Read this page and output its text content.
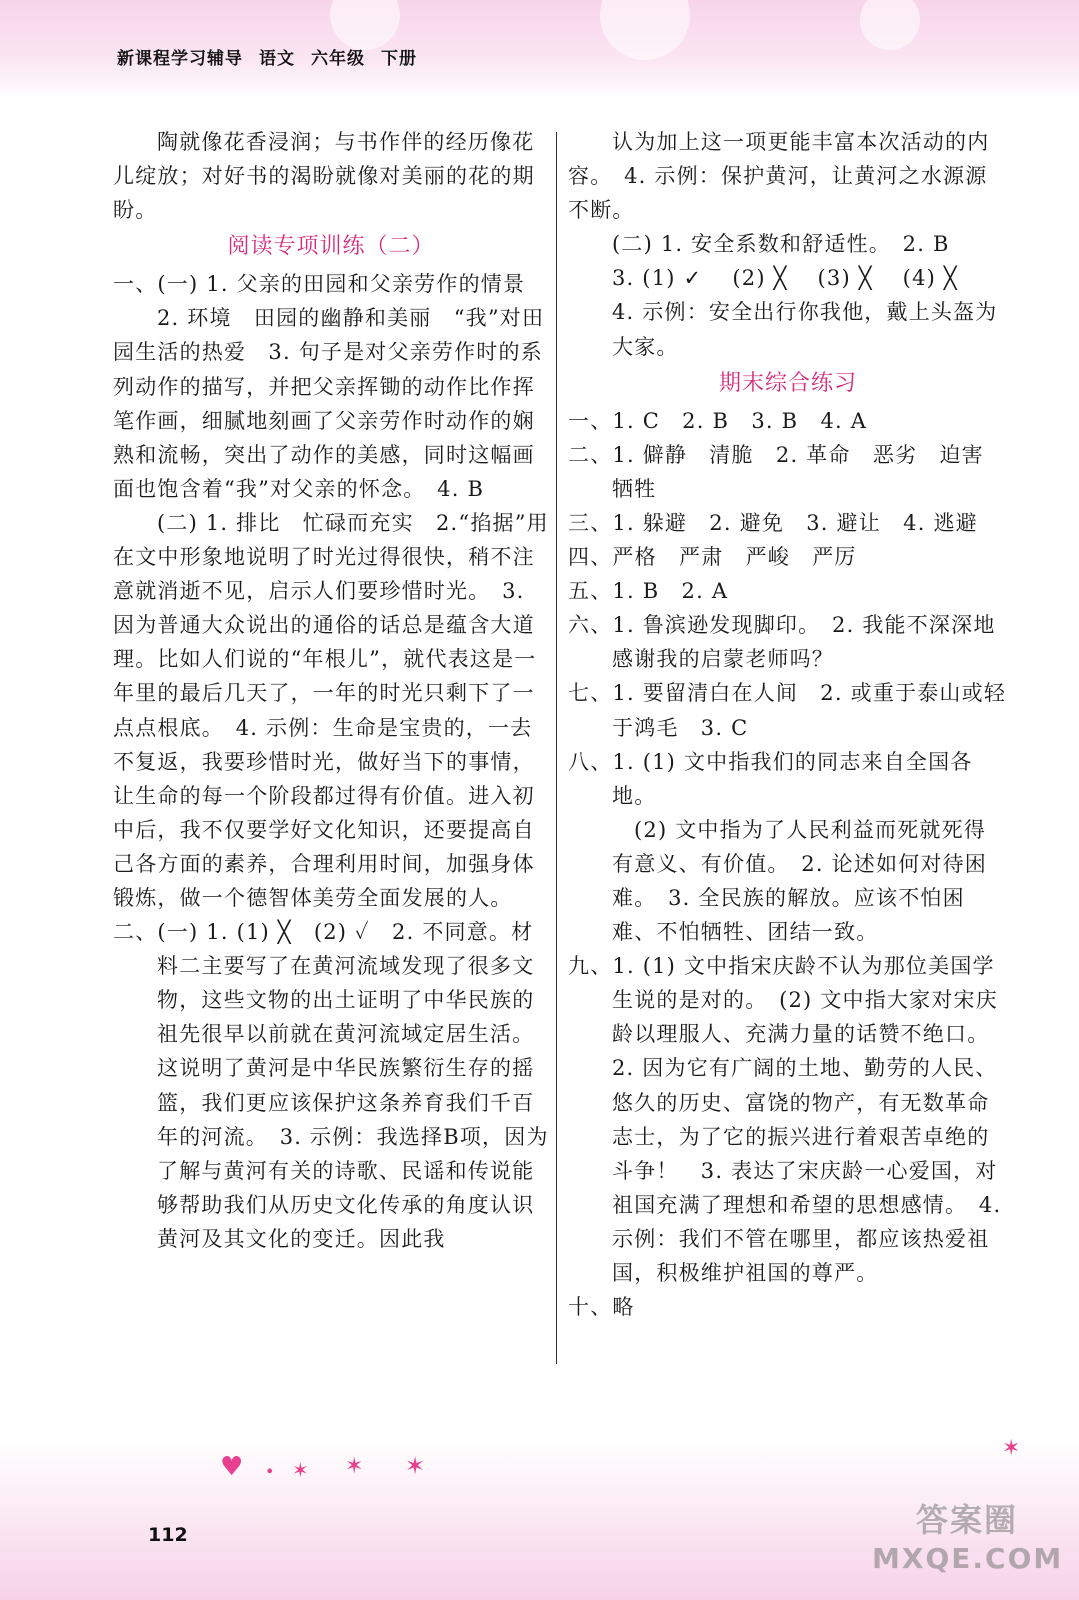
新课程学习辅导 语文 六年级 下册

陶就像花香浸润；与书作伴的经历像花儿绽放；对好书的渴盼就像对美丽的花的期盼。

阅读专项训练（二）

一、(一) 1. 父亲的田园和父亲劳作的情景

2. 环境　田园的幽静和美丽　“我”对田园生活的热爱　3. 句子是对父亲劳作时的系列动作的描写，并把父亲挥锄的动作比作挥笔作画，细腻地刻画了父亲劳作时动作的娴熟和流畅，突出了动作的美感，同时这幅画面也饱含着“我”对父亲的怀念。　4. B

(二) 1. 排比　忙碌而充实　2.“掐据”用在文中形象地说明了时光过得很快，稍不注意就消逝不见，启示人们要珍惜时光。　3. 因为普通大众说出的通俗的话总是蕴含大道理。比如人们说的“年根儿”，就代表这是一年里的最后几天了，一年的时光只剩下了一点点根底。　4. 示例：生命是宝贵的，一去不复返，我要珍惜时光，做好当下的事情，让生命的每一个阶段都过得有价值。进入初中后，我不仅要学好文化知识，还要提高自己各方面的素养，合理利用时间，加强身体锻炼，做一个德智体美劳全面发展的人。

二、(一) 1. (1) ╳　(2) ✓　2. 不同意。材料二主要写了在黄河流域发现了很多文物，这些文物的出土证明了中华民族的祖先很早以前就在黄河流域定居生活。这说明了黄河是中华民族繁衍生存的摇篮，我们更应该保护这条养育我们千百年的河流。　3. 示例：我选择B项，因为了解与黄河有关的诗歌、民谣和传说能够帮助我们从历史文化传承的角度认识黄河及其文化的变迁。因此我

认为加上这一项更能丰富本次活动的内容。　4. 示例：保护黄河，让黄河之水源源不断。

(二) 1. 安全系数和舒适性。　2. B

3. (1) ✓　 (2) ╳　 (3) ╳　 (4) ╳

4. 示例：安全出行你我他，戴上头盔为大家。

期末综合练习

一、1. C　2. B　3. B　4. A

二、1. 僻静　清脆　2. 革命　恶劣　迫害　牺牲

三、1. 躲避　2. 避免　3. 避让　4. 逃避

四、严格　严肃　严峻　严厉

五、1. B　2. A

六、1. 鲁滨逊发现脚印。　2. 我能不深深地感谢我的启蒙老师吗？

七、1. 要留清白在人间　2. 或重于泰山或轻于鸿毛　3. C

八、1. (1) 文中指我们的同志来自全国各地。

(2) 文中指为了人民利益而死就死得有意义、有价值。　2. 论述如何对待困难。　3. 全民族的解放。应该不怕困难、不怕牺牲、团结一致。

九、1. (1) 文中指宋庆龄不认为那位美国学生说的是对的。　(2) 文中指大家对宋庆龄以理服人、充满力量的话赞不绝口。　2. 因为它有广阔的土地、勤劳的人民、悠久的历史、富饶的物产，有无数革命志士，为了它的振兴进行着艰苦卓绝的斗争！　3. 表达了宋庆龄一心爱国，对祖国充满了理想和希望的思想感情。　4. 示例：我们不管在哪里，都应该热爱祖国，积极维护祖国的尊严。

十、略

♥ • ✶ ✶ ✶
✶
112	答案圈
MXQE.COM
